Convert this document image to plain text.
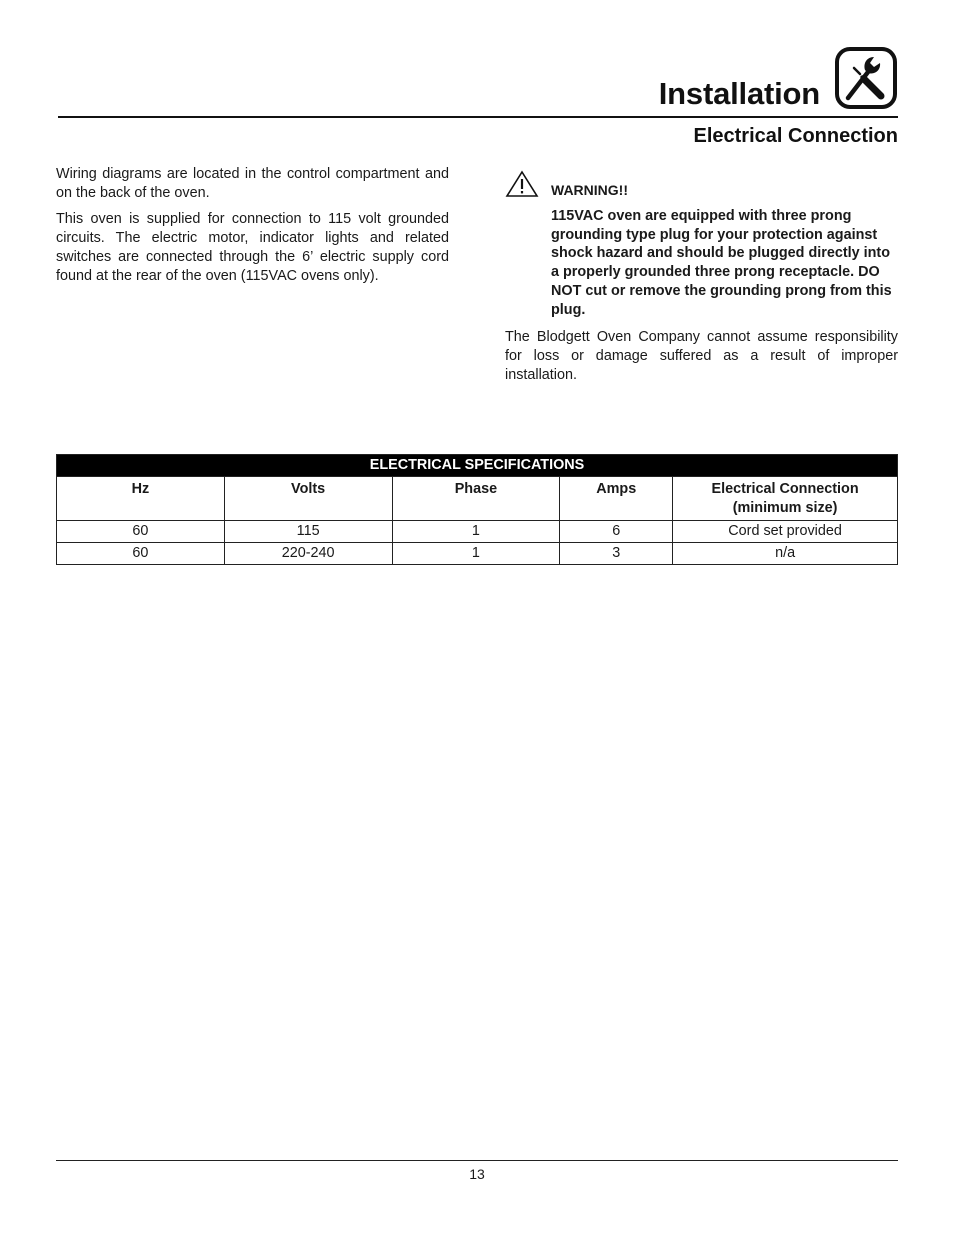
Installation
Electrical Connection

Wiring diagrams are located in the control compartment and on the back of the oven.

This oven is supplied for connection to 115 volt grounded circuits. The electric motor, indicator lights and related switches are connected through the 6’ electric supply cord found at the rear of the oven (115VAC ovens only).

WARNING!!

115VAC oven are equipped with three prong grounding type plug for your protection against shock hazard and should be plugged directly into a properly grounded three prong receptacle. DO NOT cut or remove the grounding prong from this plug.

The Blodgett Oven Company cannot assume responsibility for loss or damage suffered as a result of improper installation.

ELECTRICAL SPECIFICATIONS				
Hz	Volts	Phase	Amps	Electrical Connection (minimum size)
60	115	1	6	Cord set provided
60	220-240	1	3	n/a
13
